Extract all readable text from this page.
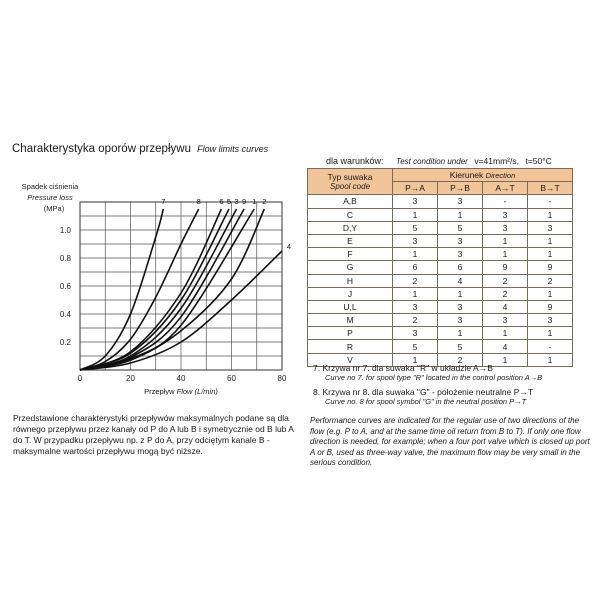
Charakterystyka oporów przepływu Flow limits curves
dla warunków: Test condition under v=41mm²/s, t=50°C
0	20	40	60	80
0.2
0.4
0.6
0.8
1.0
Spadek ciśnienia
Pressure loss
(MPa)
Przepływ Flow (L/min)
7	8 6 5 3 9 1 2
4
Typ suwaka
Spool code	Kierunek Direction			
	P→A	P→B	A→T	B→T
A,B	3	3	-	-
C	1	1	3	1
D,Y	5	5	3	3
E	3	3	1	1
F	1	3	1	1
G	6	6	9	9
H	2	4	2	2
J	1	1	2	1
U,L	3	3	4	9
M	2	3	3	3
P	3	1	1	1
R	5	5	4	-
V	1	2	1	1
7. Krzywa nr 7. dla suwaka "R" w układzie A→B
Curve no 7. for spool type "R" located in the control position A→B
8. Krzywa nr 8. dla suwaka "G" - położenie neutralne P→T
Curve no. 8 for spool symbol "G" in the neutral position P→T
Przedstawione charakterystyki przepływów maksymalnych podane są dla równego przepływu przez kanały od P do A lub B i symetrycznie od B lub A do T. W przypadku przepływu np. z P do A, przy odciętym kanale B - maksymalne wartości przepływu mogą być niższe.
Performance curves are indicated for the regular use of two directions of the flow (e.g. P to A, and at the same time oil return from B to T). If only one flow direction is needed, for example; when a four port valve which is closed up port A or B, used as three-way valve, the maximum flow may be very small in the serious condition.
